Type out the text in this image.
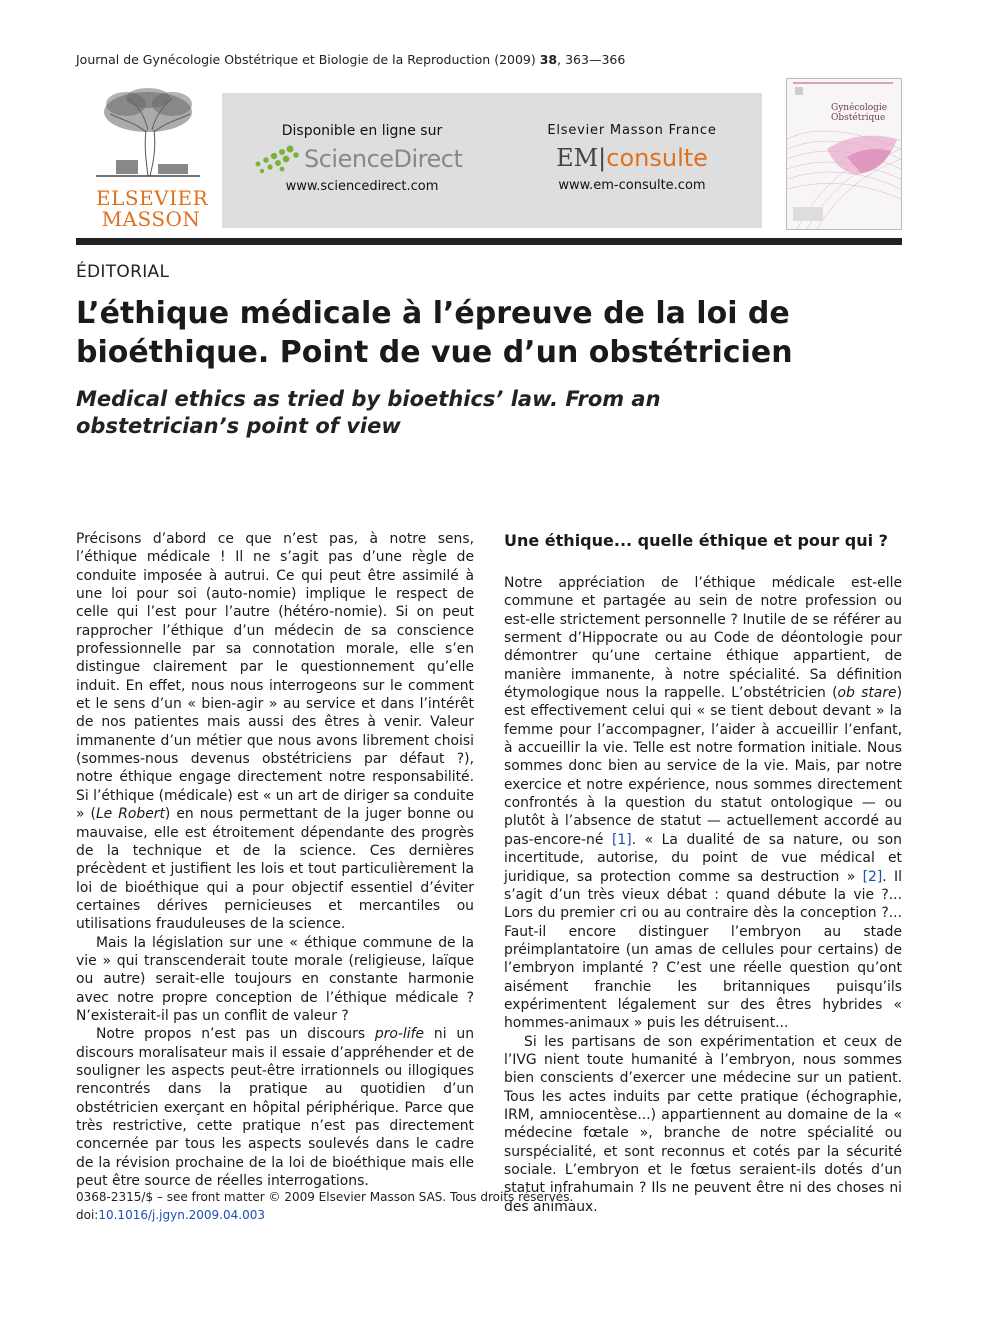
Journal de Gynécologie Obstétrique et Biologie de la Reproduction (2009) 38, 363—366
ELSEVIER
MASSON
Disponible en ligne sur
ScienceDirect
www.sciencedirect.com
Elsevier Masson France
EM|consulte
www.em-consulte.com
Gynécologie
Obstétrique
ÉDITORIAL
L’éthique médicale à l’épreuve de la loi de bioéthique. Point de vue d’un obstétricien
Medical ethics as tried by bioethics’ law. From an obstetrician’s point of view

Précisons d’abord ce que n’est pas, à notre sens, l’éthique médicale ! Il ne s’agit pas d’une règle de conduite imposée à autrui. Ce qui peut être assimilé à une loi pour soi (auto-nomie) implique le respect de celle qui l’est pour l’autre (hétéro-nomie). Si on peut rapprocher l’éthique d’un médecin de sa conscience professionnelle par sa connotation morale, elle s’en distingue clairement par le questionnement qu’elle induit. En effet, nous nous interrogeons sur le comment et le sens d’un « bien-agir » au service et dans l’intérêt de nos patientes mais aussi des êtres à venir. Valeur immanente d’un métier que nous avons librement choisi (sommes-nous devenus obstétriciens par défaut ?), notre éthique engage directement notre responsabilité. Si l’éthique (médicale) est « un art de diriger sa conduite » (Le Robert) en nous permettant de la juger bonne ou mauvaise, elle est étroitement dépendante des progrès de la technique et de la science. Ces dernières précèdent et justifient les lois et tout particulièrement la loi de bioéthique qui a pour objectif essentiel d’éviter certaines dérives pernicieuses et mercantiles ou utilisations frauduleuses de la science.

Mais la législation sur une « éthique commune de la vie » qui transcenderait toute morale (religieuse, laïque ou autre) serait-elle toujours en constante harmonie avec notre propre conception de l’éthique médicale ? N’existerait-il pas un conflit de valeur ?

Notre propos n’est pas un discours pro-life ni un discours moralisateur mais il essaie d’appréhender et de souligner les aspects peut-être irrationnels ou illogiques rencontrés dans la pratique au quotidien d’un obstétricien exerçant en hôpital périphérique. Parce que très restrictive, cette pratique n’est pas directement concernée par tous les aspects soulevés dans le cadre de la révision prochaine de la loi de bioéthique mais elle peut être source de réelles interrogations.

Une éthique... quelle éthique et pour qui ?

Notre appréciation de l’éthique médicale est-elle commune et partagée au sein de notre profession ou est-elle strictement personnelle ? Inutile de se référer au serment d’Hippocrate ou au Code de déontologie pour démontrer qu’une certaine éthique appartient, de manière immanente, à notre spécialité. Sa définition étymologique nous la rappelle. L’obstétricien (ob stare) est effectivement celui qui « se tient debout devant » la femme pour l’accompagner, l’aider à accueillir l’enfant, à accueillir la vie. Telle est notre formation initiale. Nous sommes donc bien au service de la vie. Mais, par notre exercice et notre expérience, nous sommes directement confrontés à la question du statut ontologique — ou plutôt à l’absence de statut — actuellement accordé au pas-encore-né [1]. « La dualité de sa nature, ou son incertitude, autorise, du point de vue médical et juridique, sa protection comme sa destruction » [2]. Il s’agit d’un très vieux débat : quand débute la vie ?... Lors du premier cri ou au contraire dès la conception ?... Faut-il encore distinguer l’embryon au stade préimplantatoire (un amas de cellules pour certains) de l’embryon implanté ? C’est une réelle question qu’ont aisément franchie les britanniques puisqu’ils expérimentent légalement sur des êtres hybrides « hommes-animaux » puis les détruisent...

Si les partisans de son expérimentation et ceux de l’IVG nient toute humanité à l’embryon, nous sommes bien conscients d’exercer une médecine sur un patient. Tous les actes induits par cette pratique (échographie, IRM, amniocentèse...) appartiennent au domaine de la « médecine fœtale », branche de notre spécialité ou surspécialité, et sont reconnus et cotés par la sécurité sociale. L’embryon et le fœtus seraient-ils dotés d’un statut infrahumain ? Ils ne peuvent être ni des choses ni des animaux.

0368-2315/$ – see front matter © 2009 Elsevier Masson SAS. Tous droits réservés.
doi:10.1016/j.jgyn.2009.04.003
